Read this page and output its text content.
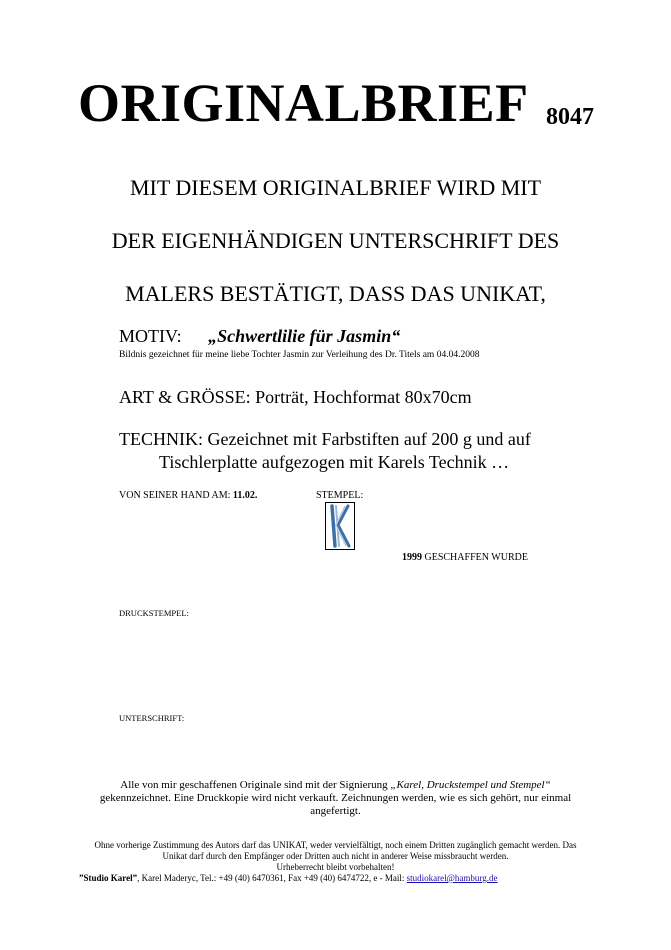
ORIGINALBRIEF 8047
MIT DIESEM ORIGINALBRIEF WIRD MIT
DER EIGENHÄNDIGEN UNTERSCHRIFT DES
MALERS BESTÄTIGT, DASS DAS UNIKAT,
MOTIV: „Schwertlilie für Jasmin“
Bildnis gezeichnet für meine liebe Tochter Jasmin zur Verleihung des Dr. Titels am 04.04.2008
ART & GRÖSSE: Porträt, Hochformat 80x70cm
TECHNIK: Gezeichnet mit Farbstiften auf 200 g und auf
Tischlerplatte aufgezogen mit Karels Technik …
VON SEINER HAND AM: 11.02.	STEMPEL:
1999 GESCHAFFEN WURDE
DRUCKSTEMPEL:
UNTERSCHRIFT:
Alle von mir geschaffenen Originale sind mit der Signierung „Karel, Druckstempel und Stempel“
gekennzeichnet. Eine Druckkopie wird nicht verkauft. Zeichnungen werden, wie es sich gehört, nur einmal
angefertigt.
Ohne vorherige Zustimmung des Autors darf das UNIKAT, weder vervielfältigt, noch einem Dritten zugänglich gemacht werden. Das
Unikat darf durch den Empfänger oder Dritten auch nicht in anderer Weise missbraucht werden.
Urheberrecht bleibt vorbehalten!
”Studio Karel”, Karel Maderyc, Tel.: +49 (40) 6470361, Fax +49 (40) 6474722, e - Mail: studiokarel@hamburg.de
